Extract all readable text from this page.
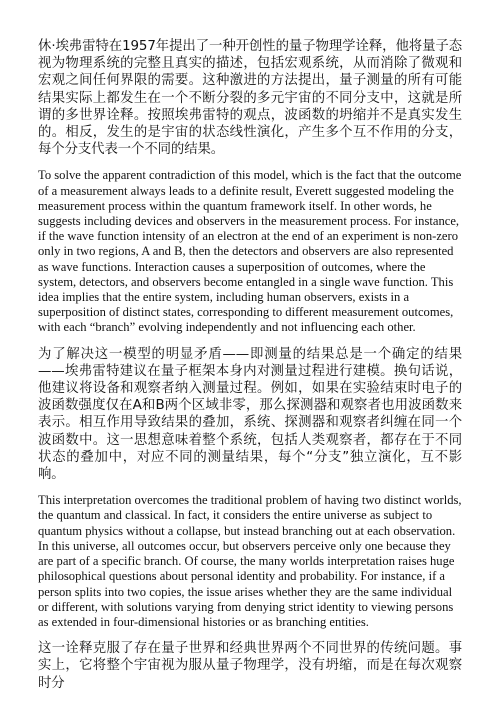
休·埃弗雷特在1957年提出了一种开创性的量子物理学诠释，他将量子态视为物理系统的完整且真实的描述，包括宏观系统，从而消除了微观和宏观之间任何界限的需要。这种激进的方法提出，量子测量的所有可能结果实际上都发生在一个不断分裂的多元宇宙的不同分支中，这就是所谓的多世界诠释。按照埃弗雷特的观点，波函数的坍缩并不是真实发生的。相反，发生的是宇宙的状态线性演化，产生多个互不作用的分支，每个分支代表一个不同的结果。

To solve the apparent contradiction of this model, which is the fact that the outcome of a measurement always leads to a definite result, Everett suggested modeling the measurement process within the quantum framework itself. In other words, he suggests including devices and observers in the measurement process. For instance, if the wave function intensity of an electron at the end of an experiment is non-zero only in two regions, A and B, then the detectors and observers are also represented as wave functions. Interaction causes a superposition of outcomes, where the system, detectors, and observers become entangled in a single wave function. This idea implies that the entire system, including human observers, exists in a superposition of distinct states, corresponding to different measurement outcomes, with each “branch” evolving independently and not influencing each other.

为了解决这一模型的明显矛盾——即测量的结果总是一个确定的结果——埃弗雷特建议在量子框架本身内对测量过程进行建模。换句话说，他建议将设备和观察者纳入测量过程。例如，如果在实验结束时电子的波函数强度仅在A和B两个区域非零，那么探测器和观察者也用波函数来表示。相互作用导致结果的叠加，系统、探测器和观察者纠缠在同一个波函数中。这一思想意味着整个系统，包括人类观察者，都存在于不同状态的叠加中，对应不同的测量结果，每个“分支”独立演化，互不影响。

This interpretation overcomes the traditional problem of having two distinct worlds, the quantum and classical. In fact, it considers the entire universe as subject to quantum physics without a collapse, but instead branching out at each observation. In this universe, all outcomes occur, but observers perceive only one because they are part of a specific branch. Of course, the many worlds interpretation raises huge philosophical questions about personal identity and probability. For instance, if a person splits into two copies, the issue arises whether they are the same individual or different, with solutions varying from denying strict identity to viewing persons as extended in four-dimensional histories or as branching entities.

这一诠释克服了存在量子世界和经典世界两个不同世界的传统问题。事实上，它将整个宇宙视为服从量子物理学，没有坍缩，而是在每次观察时分
